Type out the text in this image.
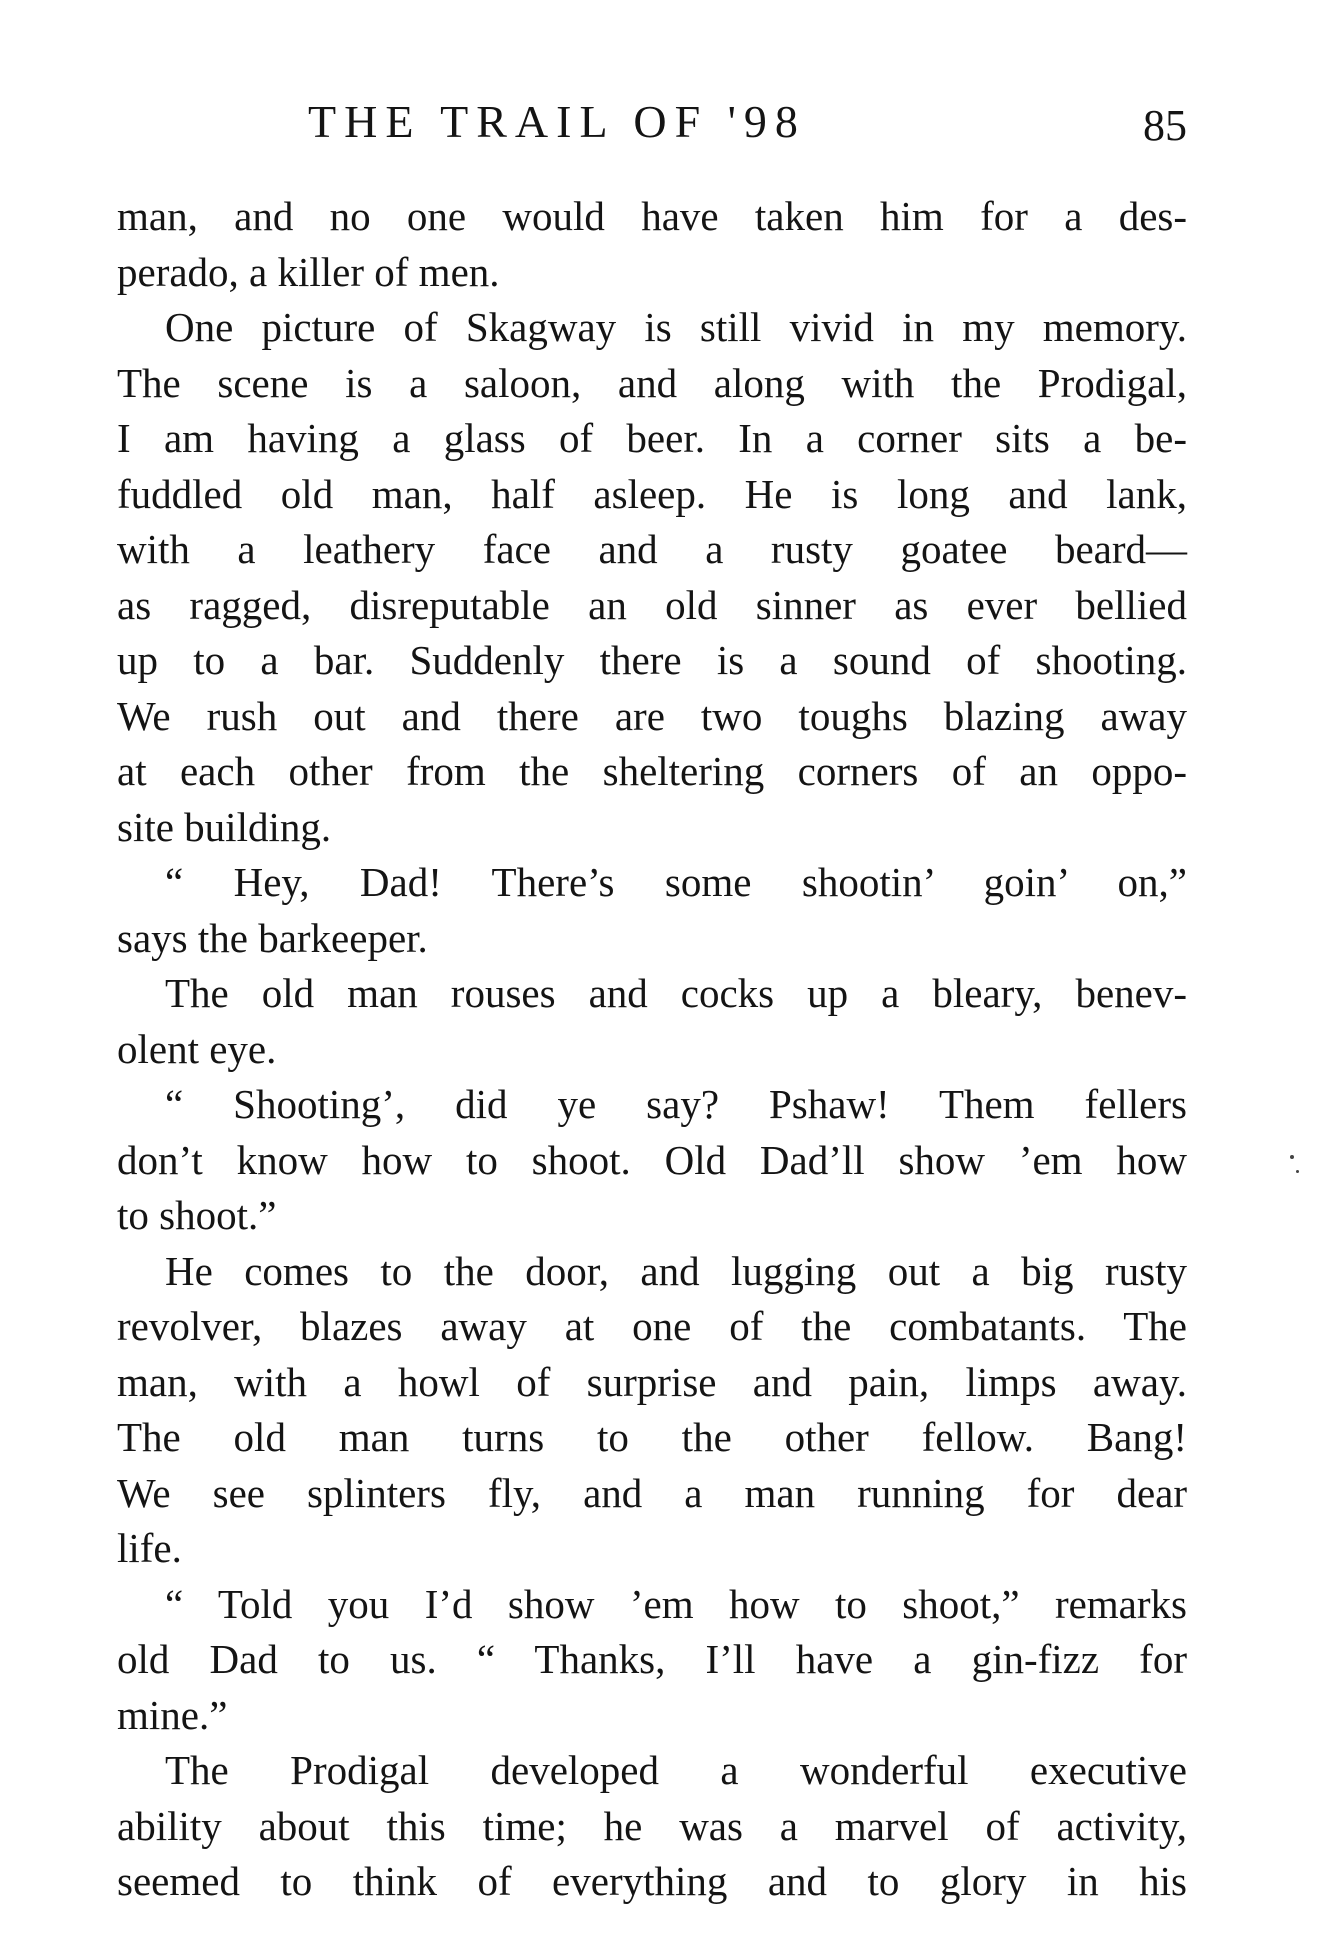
THE TRAIL OF '98	85
man, and no one would have taken him for a des-
perado, a killer of men.
One picture of Skagway is still vivid in my memory.
The scene is a saloon, and along with the Prodigal,
I am having a glass of beer. In a corner sits a be-
fuddled old man, half asleep. He is long and lank,
with a leathery face and a rusty goatee beard—
as ragged, disreputable an old sinner as ever bellied
up to a bar. Suddenly there is a sound of shooting.
We rush out and there are two toughs blazing away
at each other from the sheltering corners of an oppo-
site building.
“ Hey, Dad! There’s some shootin’ goin’ on,”
says the barkeeper.
The old man rouses and cocks up a bleary, benev-
olent eye.
“ Shooting’, did ye say? Pshaw! Them fellers
don’t know how to shoot. Old Dad’ll show ’em how
to shoot.”
He comes to the door, and lugging out a big rusty
revolver, blazes away at one of the combatants. The
man, with a howl of surprise and pain, limps away.
The old man turns to the other fellow. Bang!
We see splinters fly, and a man running for dear
life.
“ Told you I’d show ’em how to shoot,” remarks
old Dad to us. “ Thanks, I’ll have a gin-fizz for
mine.”
The Prodigal developed a wonderful executive
ability about this time; he was a marvel of activity,
seemed to think of everything and to glory in his
